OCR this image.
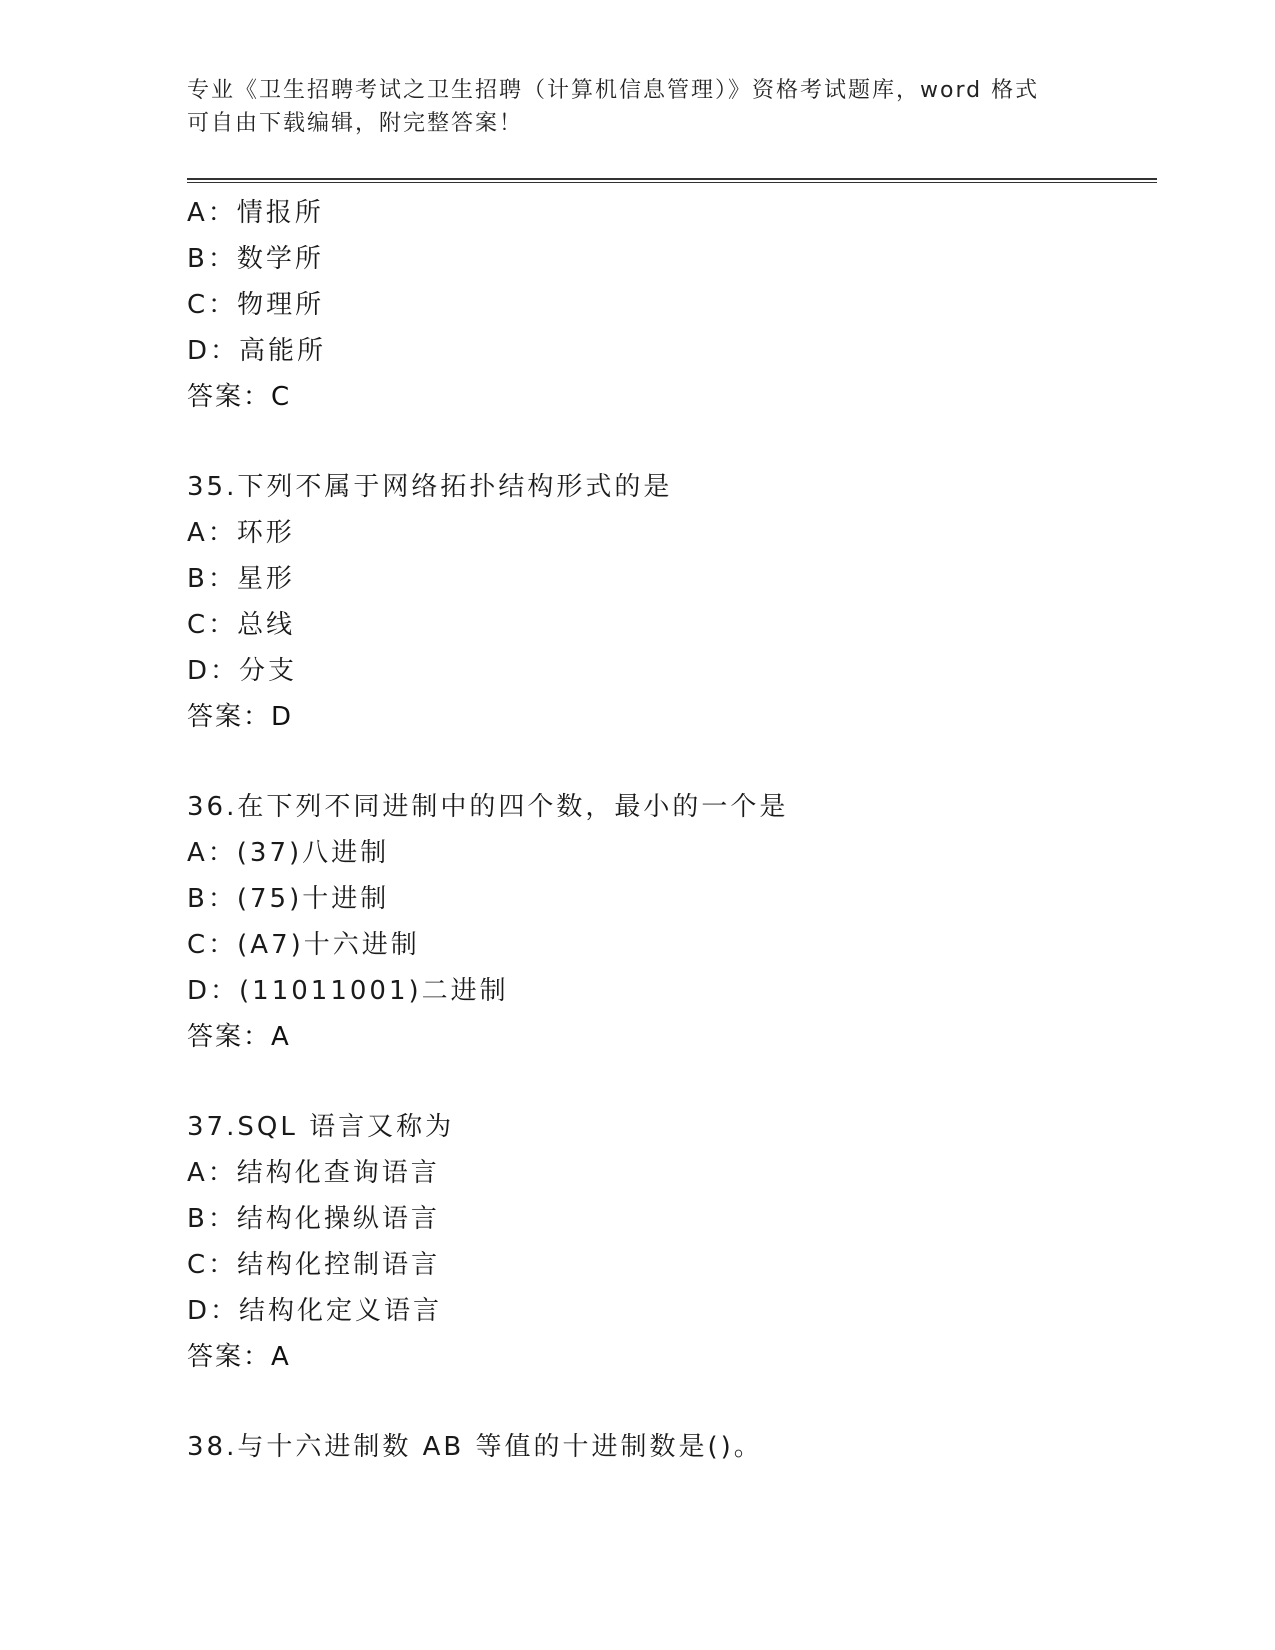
专业《卫生招聘考试之卫生招聘（计算机信息管理）》资格考试题库，word 格式
可自由下载编辑，附完整答案！
A：情报所
B：数学所
C：物理所
D：高能所
答案：C
35.下列不属于网络拓扑结构形式的是
A：环形
B：星形
C：总线
D：分支
答案：D
36.在下列不同进制中的四个数，最小的一个是
A：(37)八进制
B：(75)十进制
C：(A7)十六进制
D：(11011001)二进制
答案：A
37.SQL 语言又称为
A：结构化查询语言
B：结构化操纵语言
C：结构化控制语言
D：结构化定义语言
答案：A
38.与十六进制数 AB 等值的十进制数是()。
